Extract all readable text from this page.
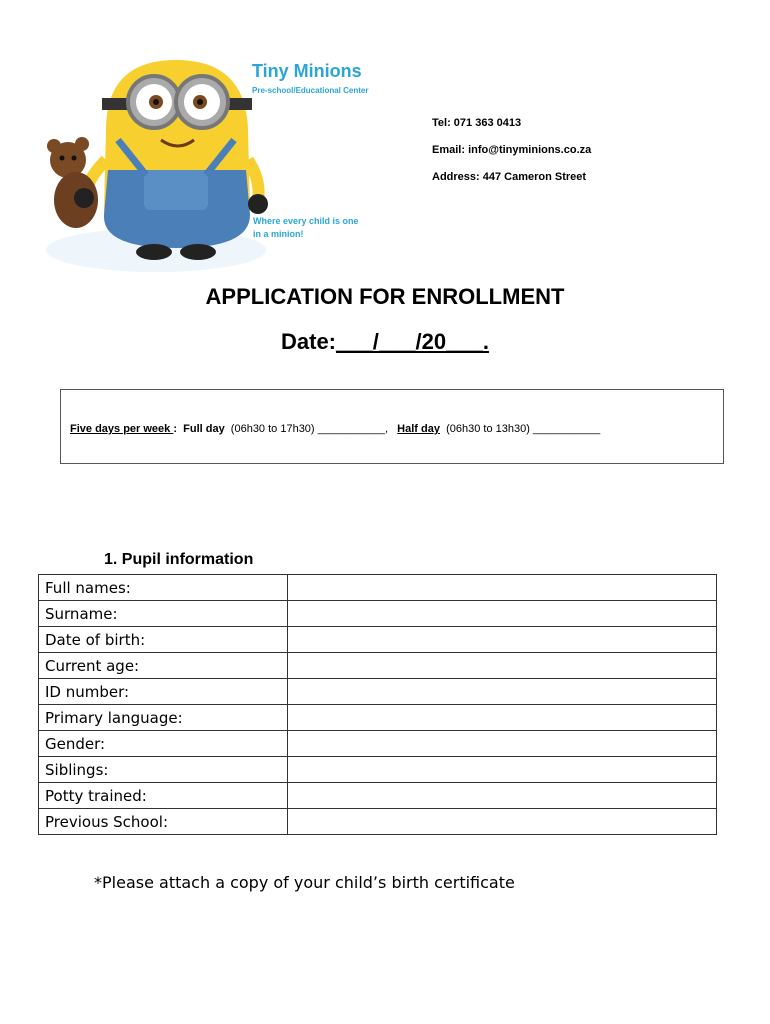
Tiny Minions
Pre-school/Educational Center
Where every child is one
in a minion!
Tel: 071 363 0413
Email: info@tinyminions.co.za
Address: 447 Cameron Street
APPLICATION FOR ENROLLMENT
Date:___/___/20___.
Five days per week :  Full day  (06h30 to 17h30) ___________,   Half day  (06h30 to 13h30) ___________
1. Pupil information
Full names:	
Surname:	
Date of birth:	
Current age:	
ID number:	
Primary language:	
Gender:	
Siblings:	
Potty trained:	
Previous School:	
*Please attach a copy of your child’s birth certificate
